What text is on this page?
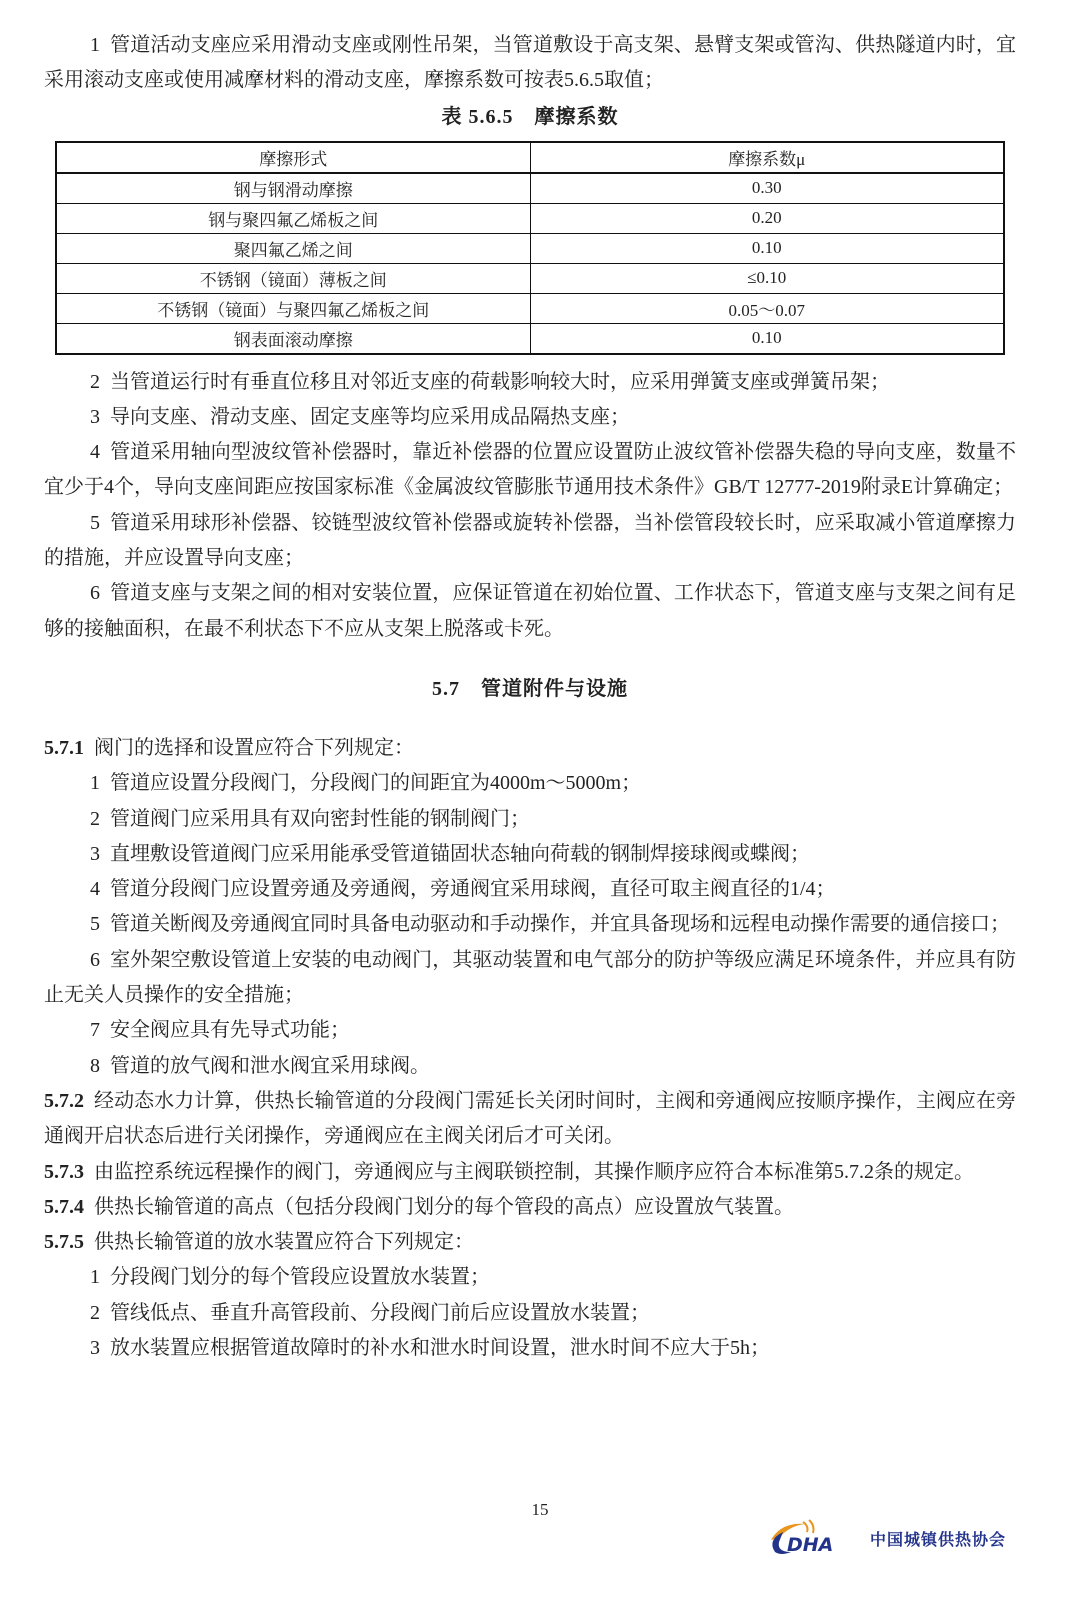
1 管道活动支座应采用滑动支座或刚性吊架，当管道敷设于高支架、悬臂支架或管沟、供热隧道内时，宜采用滚动支座或使用减摩材料的滑动支座，摩擦系数可按表5.6.5取值；

表 5.6.5　摩擦系数

摩擦形式	摩擦系数μ
钢与钢滑动摩擦	0.30
钢与聚四氟乙烯板之间	0.20
聚四氟乙烯之间	0.10
不锈钢（镜面）薄板之间	≤0.10
不锈钢（镜面）与聚四氟乙烯板之间	0.05～0.07
钢表面滚动摩擦	0.10

2 当管道运行时有垂直位移且对邻近支座的荷载影响较大时，应采用弹簧支座或弹簧吊架；

3 导向支座、滑动支座、固定支座等均应采用成品隔热支座；

4 管道采用轴向型波纹管补偿器时，靠近补偿器的位置应设置防止波纹管补偿器失稳的导向支座，数量不宜少于4个，导向支座间距应按国家标准《金属波纹管膨胀节通用技术条件》GB/T 12777-2019附录E计算确定；

5 管道采用球形补偿器、铰链型波纹管补偿器或旋转补偿器，当补偿管段较长时，应采取减小管道摩擦力的措施，并应设置导向支座；

6 管道支座与支架之间的相对安装位置，应保证管道在初始位置、工作状态下，管道支座与支架之间有足够的接触面积，在最不利状态下不应从支架上脱落或卡死。

5.7　管道附件与设施

5.7.1 阀门的选择和设置应符合下列规定：

1 管道应设置分段阀门，分段阀门的间距宜为4000m～5000m；

2 管道阀门应采用具有双向密封性能的钢制阀门；

3 直埋敷设管道阀门应采用能承受管道锚固状态轴向荷载的钢制焊接球阀或蝶阀；

4 管道分段阀门应设置旁通及旁通阀，旁通阀宜采用球阀，直径可取主阀直径的1/4；

5 管道关断阀及旁通阀宜同时具备电动驱动和手动操作，并宜具备现场和远程电动操作需要的通信接口；

6 室外架空敷设管道上安装的电动阀门，其驱动装置和电气部分的防护等级应满足环境条件，并应具有防止无关人员操作的安全措施；

7 安全阀应具有先导式功能；

8 管道的放气阀和泄水阀宜采用球阀。

5.7.2 经动态水力计算，供热长输管道的分段阀门需延长关闭时间时，主阀和旁通阀应按顺序操作，主阀应在旁通阀开启状态后进行关闭操作，旁通阀应在主阀关闭后才可关闭。

5.7.3 由监控系统远程操作的阀门，旁通阀应与主阀联锁控制，其操作顺序应符合本标准第5.7.2条的规定。

5.7.4 供热长输管道的高点（包括分段阀门划分的每个管段的高点）应设置放气装置。

5.7.5 供热长输管道的放水装置应符合下列规定：

1 分段阀门划分的每个管段应设置放水装置；

2 管线低点、垂直升高管段前、分段阀门前后应设置放水装置；

3 放水装置应根据管道故障时的补水和泄水时间设置，泄水时间不应大于5h；

15
DHA 中国城镇供热协会
